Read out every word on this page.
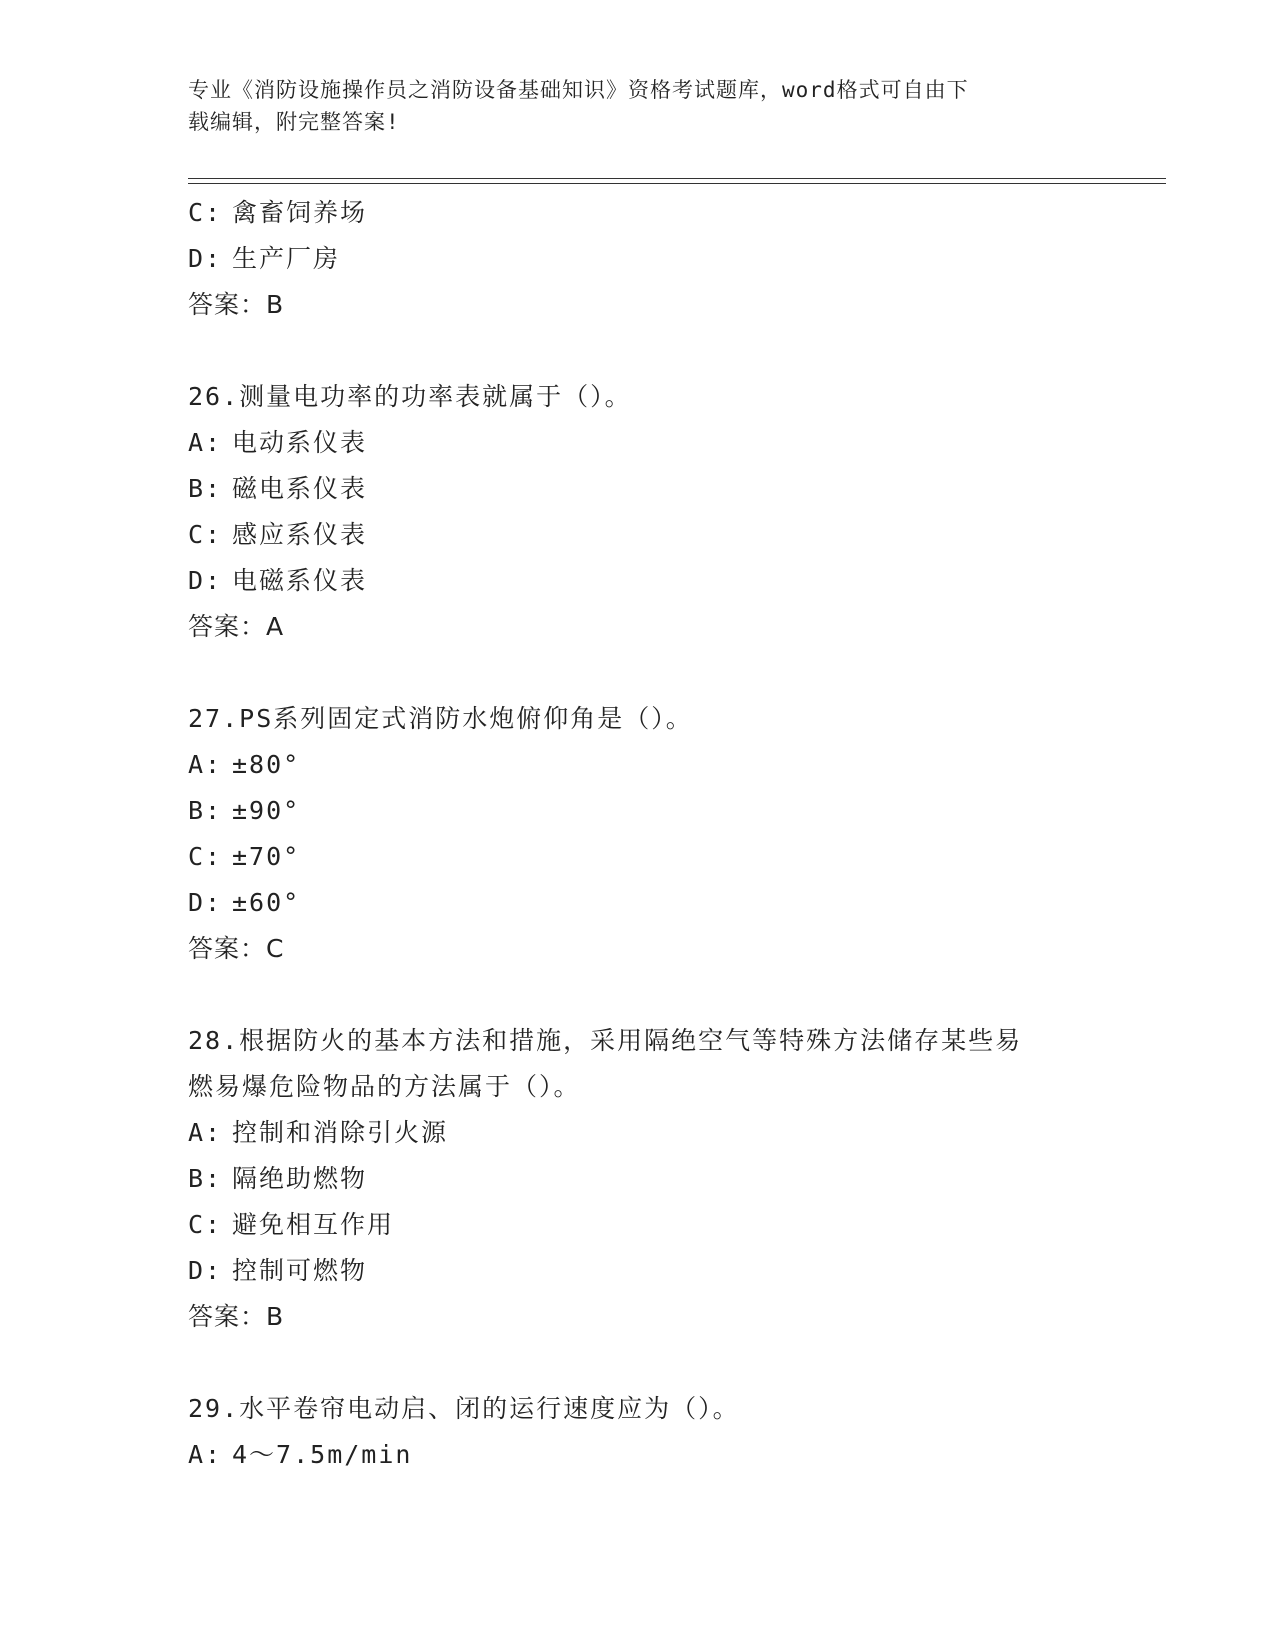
专业《消防设施操作员之消防设备基础知识》资格考试题库，word格式可自由下
载编辑，附完整答案!
C: 禽畜饲养场
D: 生产厂房
答案：B
26.测量电功率的功率表就属于（）。
A: 电动系仪表
B: 磁电系仪表
C: 感应系仪表
D: 电磁系仪表
答案：A
27.PS系列固定式消防水炮俯仰角是（）。
A: ±80°
B: ±90°
C: ±70°
D: ±60°
答案：C
28.根据防火的基本方法和措施，采用隔绝空气等特殊方法储存某些易
燃易爆危险物品的方法属于（）。
A: 控制和消除引火源
B: 隔绝助燃物
C: 避免相互作用
D: 控制可燃物
答案：B
29.水平卷帘电动启、闭的运行速度应为（）。
A: 4～7.5m/min
